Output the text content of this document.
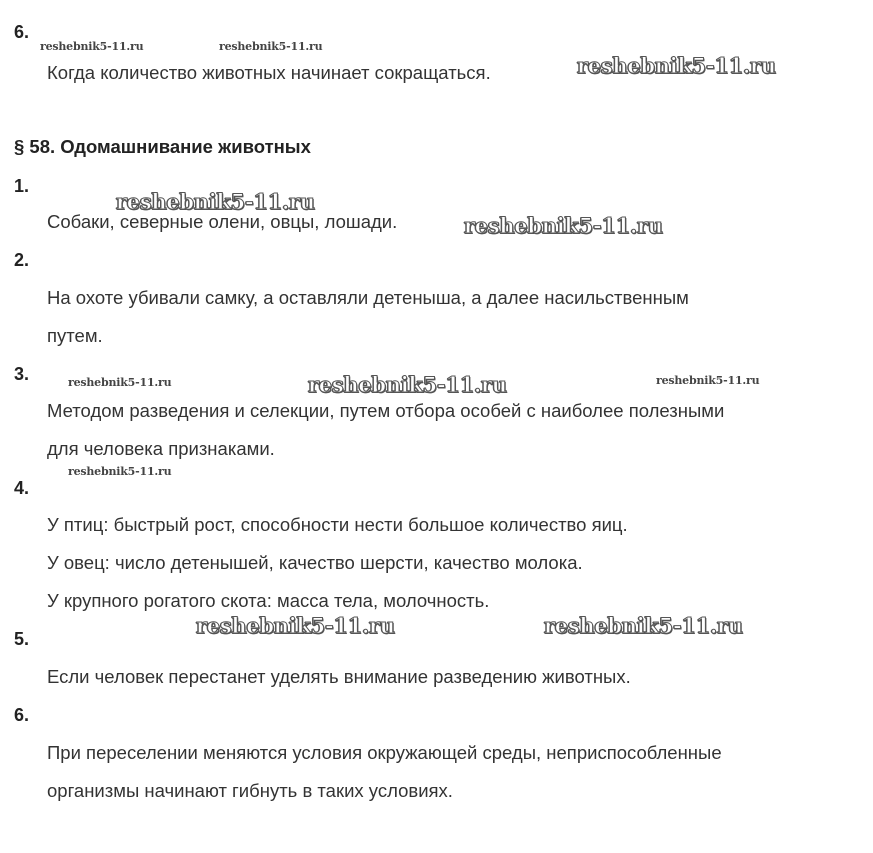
6.
reshebnik5-11.ru	reshebnik5-11.ru
Когда количество животных начинает сокращаться.	reshebnik5-11.ru
§ 58. Одомашнивание животных
1.
reshebnik5-11.ru
Собаки, северные олени, овцы, лошади.	reshebnik5-11.ru
2.
На охоте убивали самку, а оставляли детеныша, а далее насильственным
путем.
3.	reshebnik5-11.ru	reshebnik5-11.ru	reshebnik5-11.ru
Методом разведения и селекции, путем отбора особей с наиболее полезными
для человека признаками.
reshebnik5-11.ru
4.
У птиц: быстрый рост, способности нести большое количество яиц.
У овец: число детенышей, качество шерсти, качество молока.
У крупного рогатого скота: масса тела, молочность.
reshebnik5-11.ru	reshebnik5-11.ru
5.
Если человек перестанет уделять внимание разведению животных.
6.
При переселении меняются условия окружающей среды, неприспособленные
организмы начинают гибнуть в таких условиях.
